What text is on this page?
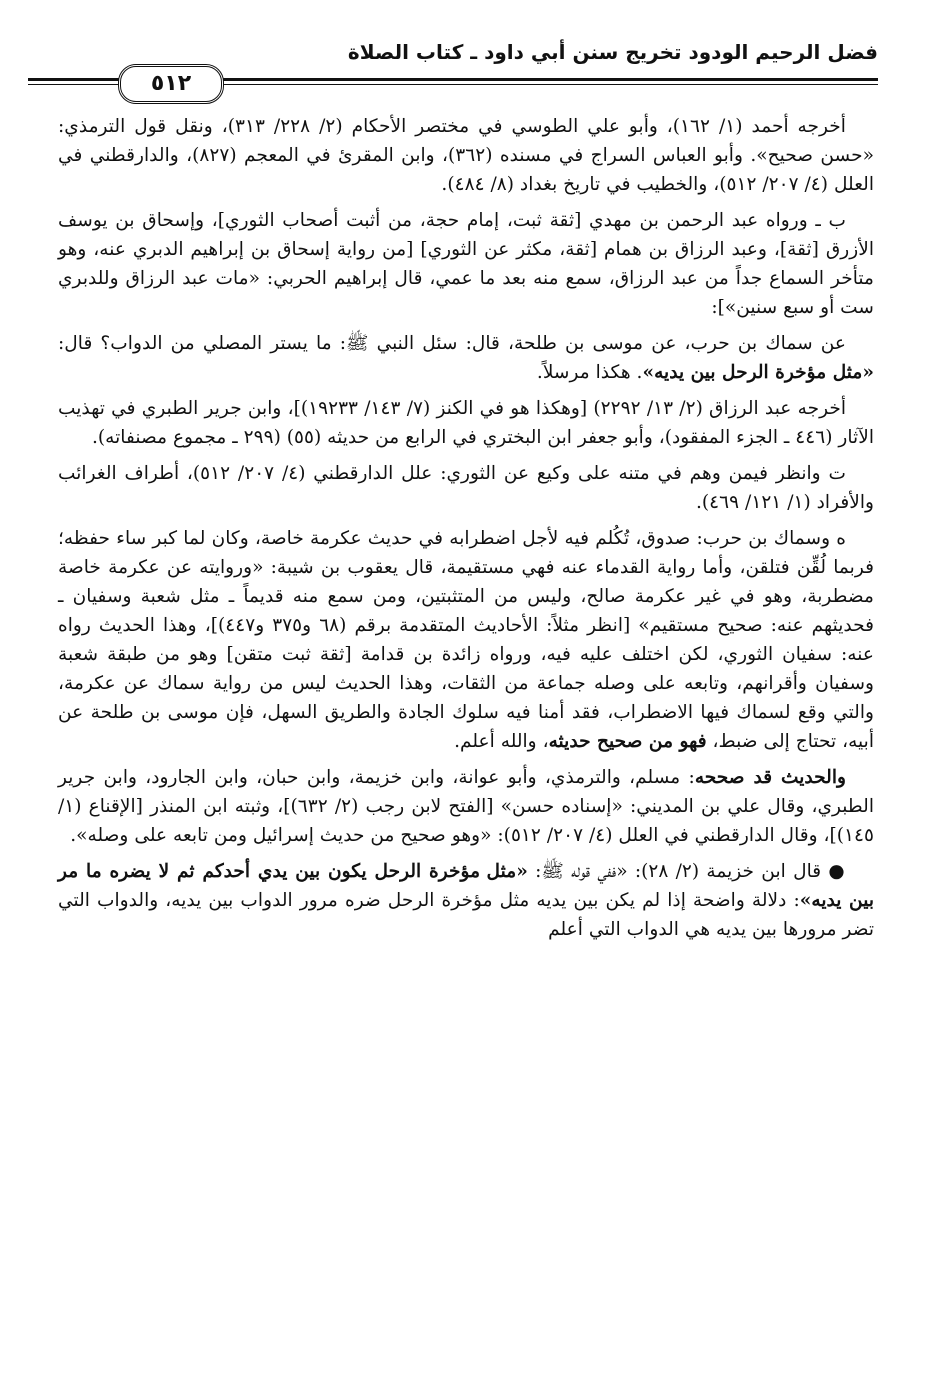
فضل الرحيم الودود تخريج سنن أبي داود ـ كتاب الصلاة
٥١٢

أخرجه أحمد (١/ ١٦٢)، وأبو علي الطوسي في مختصر الأحكام (٢/ ٢٢٨/ ٣١٣)، ونقل قول الترمذي: «حسن صحيح». وأبو العباس السراج في مسنده (٣٦٢)، وابن المقرئ في المعجم (٨٢٧)، والدارقطني في العلل (٤/ ٢٠٧/ ٥١٢)، والخطيب في تاريخ بغداد (٨/ ٤٨٤).

ب ـ ورواه عبد الرحمن بن مهدي [ثقة ثبت، إمام حجة، من أثبت أصحاب الثوري]، وإسحاق بن يوسف الأزرق [ثقة]، وعبد الرزاق بن همام [ثقة، مكثر عن الثوري] [من رواية إسحاق بن إبراهيم الدبري عنه، وهو متأخر السماع جداً من عبد الرزاق، سمع منه بعد ما عمي، قال إبراهيم الحربي: «مات عبد الرزاق وللدبري ست أو سبع سنين»]:

عن سماك بن حرب، عن موسى بن طلحة، قال: سئل النبي ﷺ: ما يستر المصلي من الدواب؟ قال: «مثل مؤخرة الرحل بين يديه». هكذا مرسلاً.

أخرجه عبد الرزاق (٢/ ١٣/ ٢٢٩٢) [وهكذا هو في الكنز (٧/ ١٤٣/ ١٩٢٣٣)]، وابن جرير الطبري في تهذيب الآثار (٤٤٦ ـ الجزء المفقود)، وأبو جعفر ابن البختري في الرابع من حديثه (٥٥) (٢٩٩ ـ مجموع مصنفاته).

ت وانظر فيمن وهم في متنه على وكيع عن الثوري: علل الدارقطني (٤/ ٢٠٧/ ٥١٢)، أطراف الغرائب والأفراد (١/ ١٢١/ ٤٦٩).

ه وسماك بن حرب: صدوق، تُكُلم فيه لأجل اضطرابه في حديث عكرمة خاصة، وكان لما كبر ساء حفظه؛ فربما لُقِّن فتلقن، وأما رواية القدماء عنه فهي مستقيمة، قال يعقوب بن شيبة: «وروايته عن عكرمة خاصة مضطربة، وهو في غير عكرمة صالح، وليس من المتثبتين، ومن سمع منه قديماً ـ مثل شعبة وسفيان ـ فحديثهم عنه: صحيح مستقيم» [انظر مثلاً: الأحاديث المتقدمة برقم (٦٨ و٣٧٥ و٤٤٧)]، وهذا الحديث رواه عنه: سفيان الثوري، لكن اختلف عليه فيه، ورواه زائدة بن قدامة [ثقة ثبت متقن] وهو من طبقة شعبة وسفيان وأقرانهم، وتابعه على وصله جماعة من الثقات، وهذا الحديث ليس من رواية سماك عن عكرمة، والتي وقع لسماك فيها الاضطراب، فقد أمنا فيه سلوك الجادة والطريق السهل، فإن موسى بن طلحة عن أبيه، تحتاج إلى ضبط، فهو من صحيح حديثه، والله أعلم.

والحديث قد صححه: مسلم، والترمذي، وأبو عوانة، وابن خزيمة، وابن حبان، وابن الجارود، وابن جرير الطبري، وقال علي بن المديني: «إسناده حسن» [الفتح لابن رجب (٢/ ٦٣٢)]، وثبته ابن المنذر [الإقناع (١/ ١٤٥)]، وقال الدارقطني في العلل (٤/ ٢٠٧/ ٥١٢): «وهو صحيح من حديث إسرائيل ومن تابعه على وصله».

● قال ابن خزيمة (٢/ ٢٨): «ففي قوله ﷺ: «مثل مؤخرة الرحل يكون بين يدي أحدكم ثم لا يضره ما مر بين يديه»: دلالة واضحة إذا لم يكن بين يديه مثل مؤخرة الرحل ضره مرور الدواب بين يديه، والدواب التي تضر مرورها بين يديه هي الدواب التي أعلم
